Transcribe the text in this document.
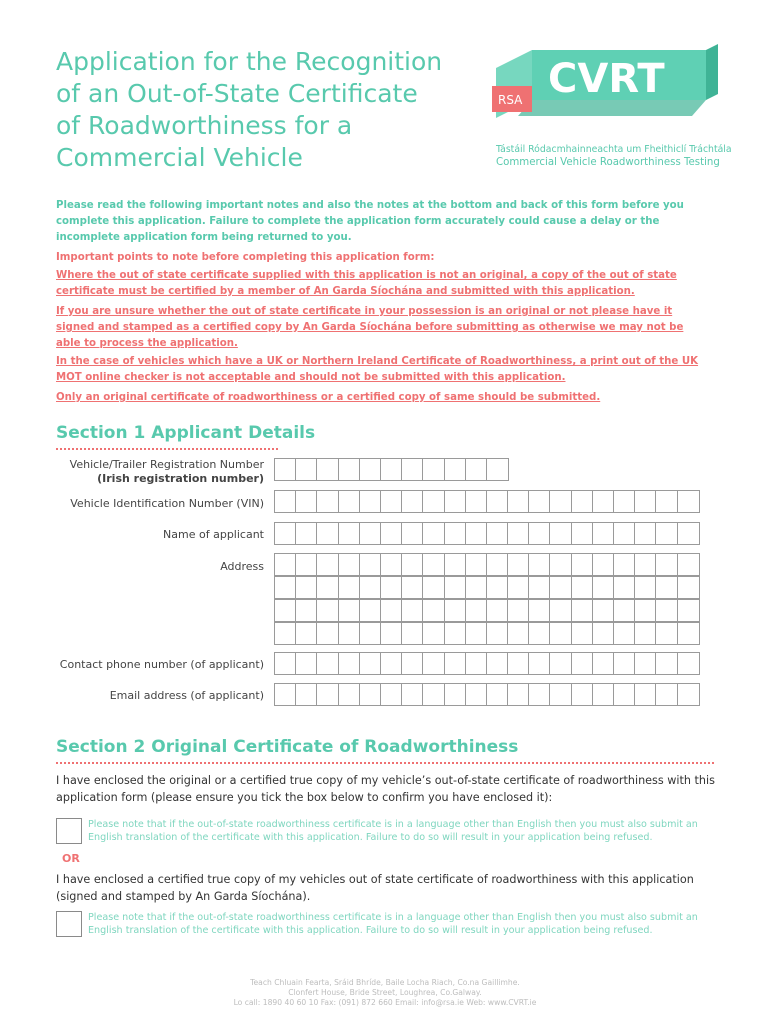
Application for the Recognition
of an Out-of-State Certificate
of Roadworthiness for a
Commercial Vehicle
RSA CVRT
Tástáil Ródacmhainneachta um Fheithiclí Tráchtála
Commercial Vehicle Roadworthiness Testing

Please read the following important notes and also the notes at the bottom and back of this form before you complete this application. Failure to complete the application form accurately could cause a delay or the incomplete application form being returned to you.

Important points to note before completing this application form:

Where the out of state certificate supplied with this application is not an original, a copy of the out of state certificate must be certified by a member of An Garda Síochána and submitted with this application.

If you are unsure whether the out of state certificate in your possession is an original or not please have it signed and stamped as a certified copy by An Garda Síochána before submitting as otherwise we may not be able to process the application.

In the case of vehicles which have a UK or Northern Ireland Certificate of Roadworthiness, a print out of the UK MOT online checker is not acceptable and should not be submitted with this application.

Only an original certificate of roadworthiness or a certified copy of same should be submitted.

Section 1 Applicant Details
Vehicle/Trailer Registration Number
(Irish registration number)
Vehicle Identification Number (VIN)
Name of applicant
Address
Contact phone number (of applicant)
Email address (of applicant)
Section 2 Original Certificate of Roadworthiness

I have enclosed the original or a certified true copy of my vehicle’s out-of-state certificate of roadworthiness with this application form (please ensure you tick the box below to confirm you have enclosed it):

Please note that if the out-of-state roadworthiness certificate is in a language other than English then you must also submit an English translation of the certificate with this application. Failure to do so will result in your application being refused.

OR

I have enclosed a certified true copy of my vehicles out of state certificate of roadworthiness with this application (signed and stamped by An Garda Síochána).

Please note that if the out-of-state roadworthiness certificate is in a language other than English then you must also submit an English translation of the certificate with this application. Failure to do so will result in your application being refused.

Teach Chluain Fearta, Sráid Bhríde, Baile Locha Riach, Co.na Gaillimhe.
Clonfert House, Bride Street, Loughrea, Co.Galway.
Lo call: 1890 40 60 10 Fax: (091) 872 660 Email: info@rsa.ie Web: www.CVRT.ie
